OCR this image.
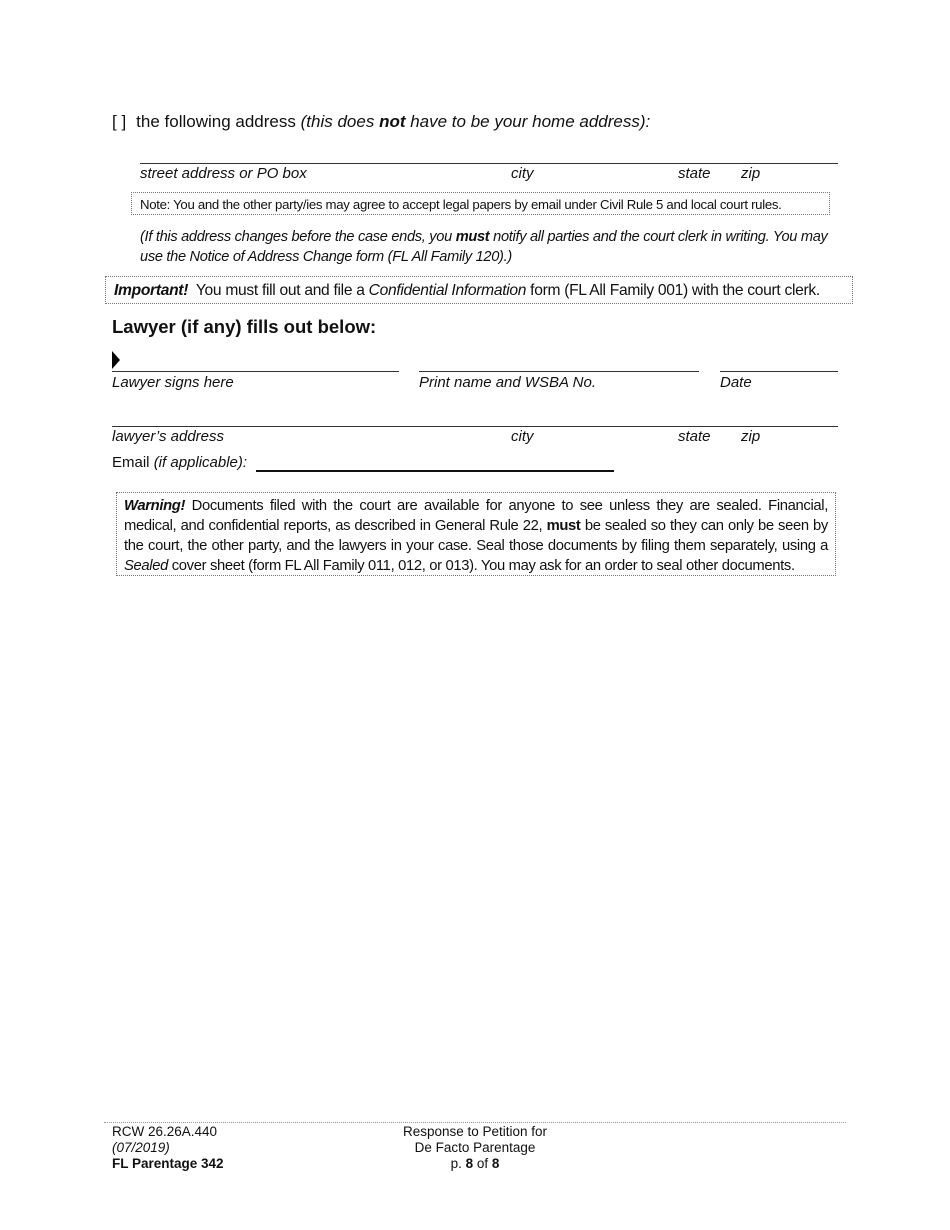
[ ] the following address (this does not have to be your home address):
street address or PO box	city	state zip
Note: You and the other party/ies may agree to accept legal papers by email under Civil Rule 5 and local court rules.
(If this address changes before the case ends, you must notify all parties and the court clerk in writing. You may use the Notice of Address Change form (FL All Family 120).)
Important!  You must fill out and file a Confidential Information form (FL All Family 001) with the court clerk.
Lawyer (if any) fills out below:
Lawyer signs here	Print name and WSBA No.	Date
lawyer’s address	city	state zip
Email (if applicable):
Warning! Documents filed with the court are available for anyone to see unless they are sealed. Financial, medical, and confidential reports, as described in General Rule 22, must be sealed so they can only be seen by the court, the other party, and the lawyers in your case. Seal those documents by filing them separately, using a Sealed cover sheet (form FL All Family 011, 012, or 013). You may ask for an order to seal other documents.
RCW 26.26A.440
(07/2019)
FL Parentage 342
Response to Petition for
De Facto Parentage
p. 8 of 8
